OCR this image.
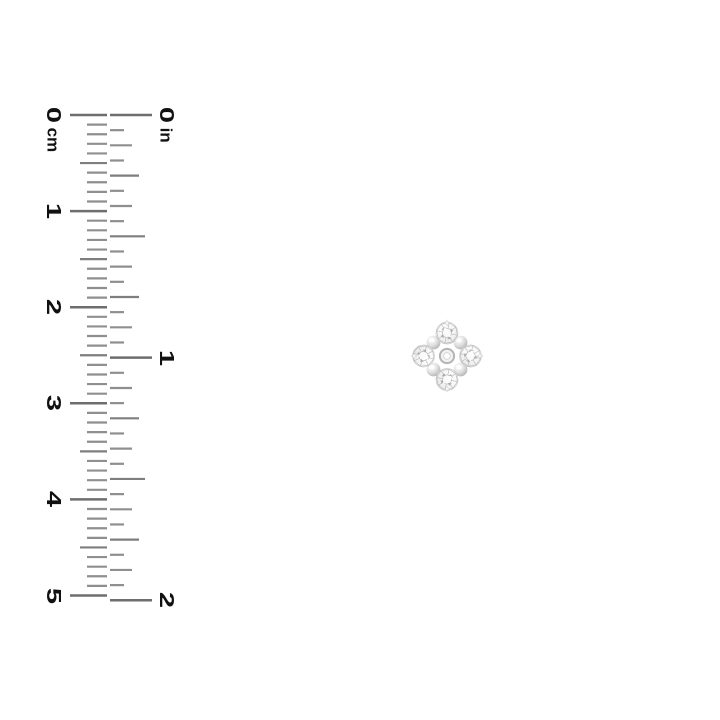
0
cm
1
2
3
4
5
0
in
1
2
